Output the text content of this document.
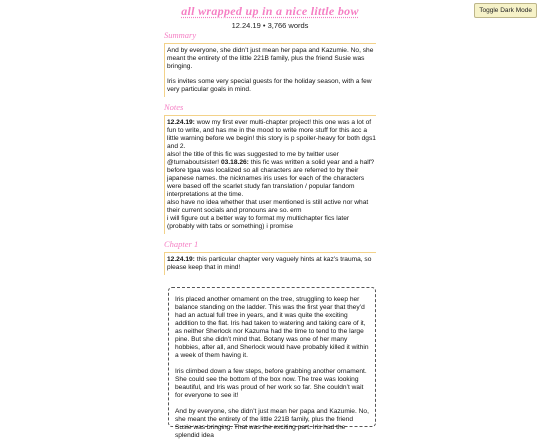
Toggle Dark Mode
all wrapped up in a nice little bow
12.24.19 • 3,766 words
Summary

And by everyone, she didn’t just mean her papa and Kazumie. No, she meant the entirety of the little 221B family, plus the friend Susie was bringing.

Iris invites some very special guests for the holiday season, with a few very particular goals in mind.

Notes
12.24.19: wow my first ever multi-chapter project! this one was a lot of fun to write, and has me in the mood to write more stuff for this acc a little warning before we begin! this story is p spoiler-heavy for both dgs1 and 2.
also! the title of this fic was suggested to me by twitter user @turnaboutsister! 03.18.26: this fic was written a solid year and a half? before tgaa was localized so all characters are referred to by their japanese names. the nicknames iris uses for each of the characters were based off the scarlet study fan translation / popular fandom interpretations at the time.
also have no idea whether that user mentioned is still active nor what their current socials and pronouns are so. erm
i will figure out a better way to format my multichapter fics later (probably with tabs or something) i promise
Chapter 1
12.24.19: this particular chapter very vaguely hints at kaz’s trauma, so please keep that in mind!

Iris placed another ornament on the tree, struggling to keep her balance standing on the ladder. This was the first year that they’d had an actual full tree in years, and it was quite the exciting addition to the flat. Iris had taken to watering and taking care of it, as neither Sherlock nor Kazuma had the time to tend to the large pine. But she didn’t mind that. Botany was one of her many hobbies, after all, and Sherlock would have probably killed it within a week of them having it.

Iris climbed down a few steps, before grabbing another ornament. She could see the bottom of the box now. The tree was looking beautiful, and Iris was proud of her work so far. She couldn’t wait for everyone to see it!

And by everyone, she didn’t just mean her papa and Kazumie. No, she meant the entirety of the little 221B family, plus the friend Susie was bringing. That was the exciting part. Iris had the splendid idea
